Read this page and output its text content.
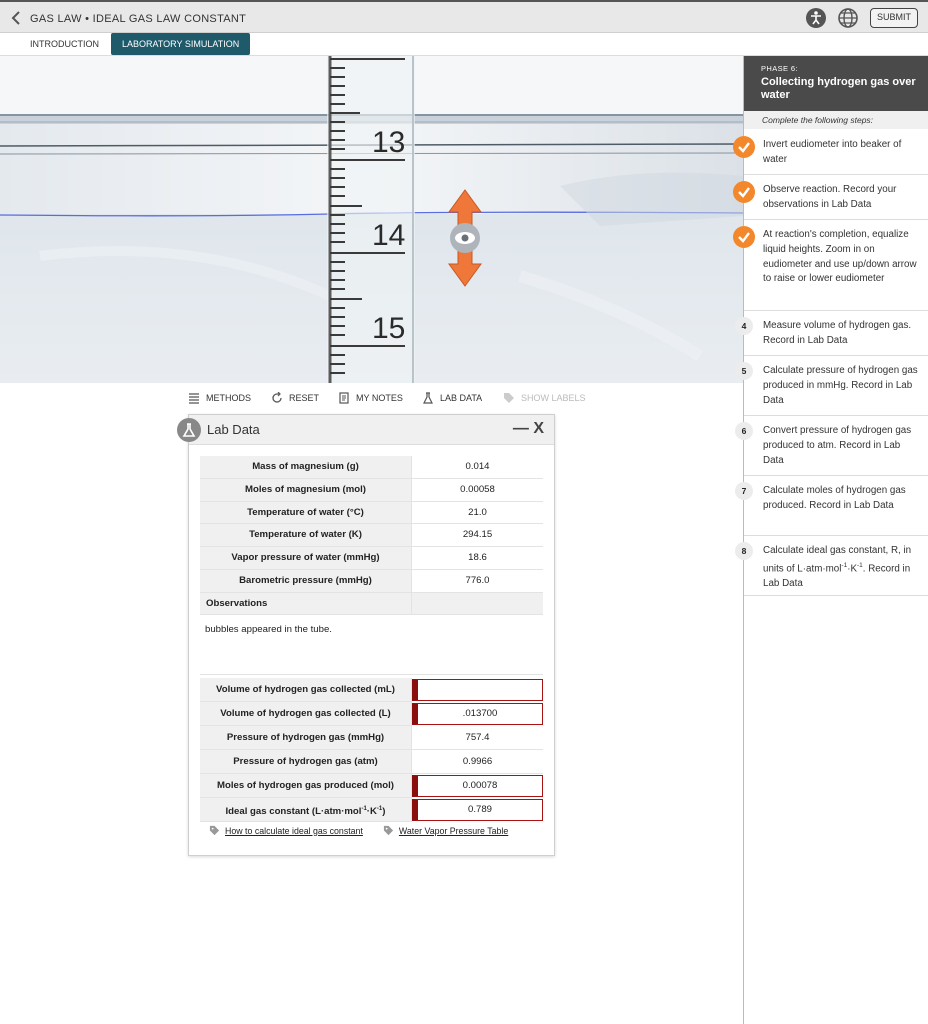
GAS LAW • IDEAL GAS LAW CONSTANT	SUBMIT
INTRODUCTION	LABORATORY SIMULATION
13
14
15
METHODS	RESET	MY NOTES	LAB DATA	SHOW LABELS
Lab Data	— X
Mass of magnesium (g)	0.014
Moles of magnesium (mol)	0.00058
Temperature of water (°C)	21.0
Temperature of water (K)	294.15
Vapor pressure of water (mmHg)	18.6
Barometric pressure (mmHg)	776.0
Observations
bubbles appeared in the tube.
Volume of hydrogen gas collected (mL)
Volume of hydrogen gas collected (L)	.013700
Pressure of hydrogen gas (mmHg)	757.4
Pressure of hydrogen gas (atm)	0.9966
Moles of hydrogen gas produced (mol)	0.00078
Ideal gas constant $(L\cdot atm\cdot mol^{-1}\cdot K^{-1})$	0.789
How to calculate ideal gas constant	Water Vapor Pressure Table
PHASE 6:
Collecting hydrogen gas over water
Complete the following steps:
Invert eudiometer into beaker of water
Observe reaction. Record your observations in Lab Data
At reaction's completion, equalize liquid heights. Zoom in on eudiometer and use up/down arrow to raise or lower eudiometer
4	Measure volume of hydrogen gas. Record in Lab Data
5	Calculate pressure of hydrogen gas produced in mmHg. Record in Lab Data
6	Convert pressure of hydrogen gas produced to atm. Record in Lab Data
7	Calculate moles of hydrogen gas produced. Record in Lab Data
8	Calculate ideal gas constant, R, in units of $L\cdot atm\cdot mol^{-1}\cdot K^{-1}$. Record in Lab Data
